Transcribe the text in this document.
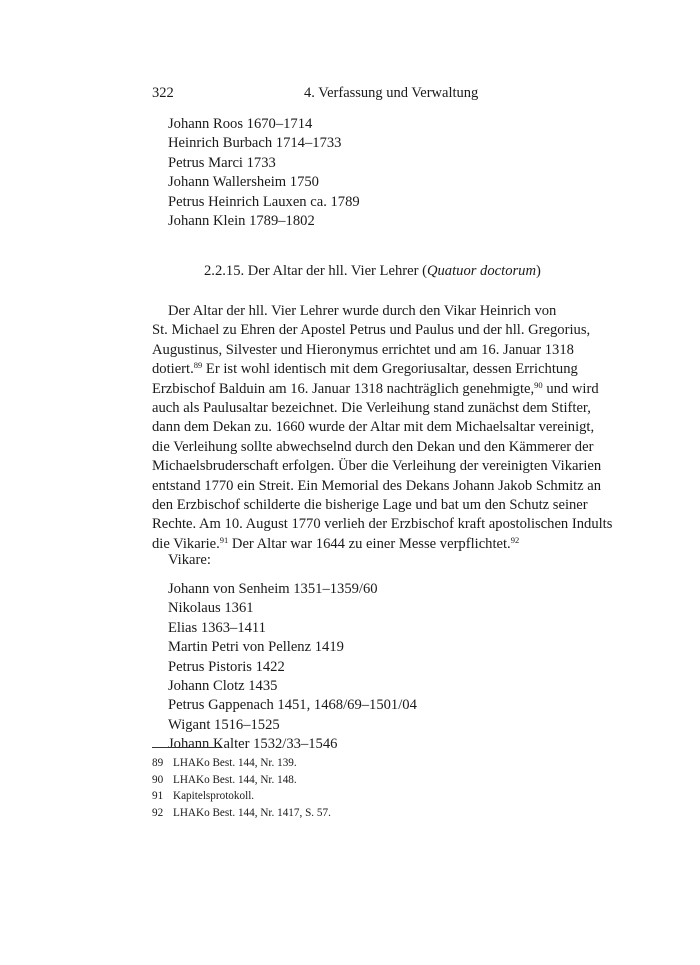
322	4. Verfassung und Verwaltung
Johann Roos 1670–1714
Heinrich Burbach 1714–1733
Petrus Marci 1733
Johann Wallersheim 1750
Petrus Heinrich Lauxen ca. 1789
Johann Klein 1789–1802
2.2.15. Der Altar der hll. Vier Lehrer (Quatuor doctorum)
Der Altar der hll. Vier Lehrer wurde durch den Vikar Heinrich von
St. Michael zu Ehren der Apostel Petrus und Paulus und der hll. Gregorius,
Augustinus, Silvester und Hieronymus errichtet und am 16. Januar 1318
dotiert.$^{89}$ Er ist wohl identisch mit dem Gregoriusaltar, dessen Errichtung
Erzbischof Balduin am 16. Januar 1318 nachträglich genehmigte,$^{90}$ und wird
auch als Paulusaltar bezeichnet. Die Verleihung stand zunächst dem Stifter,
dann dem Dekan zu. 1660 wurde der Altar mit dem Michaelsaltar vereinigt,
die Verleihung sollte abwechselnd durch den Dekan und den Kämmerer der
Michaelsbruderschaft erfolgen. Über die Verleihung der vereinigten Vikarien
entstand 1770 ein Streit. Ein Memorial des Dekans Johann Jakob Schmitz an
den Erzbischof schilderte die bisherige Lage und bat um den Schutz seiner
Rechte. Am 10. August 1770 verlieh der Erzbischof kraft apostolischen Indults
die Vikarie.$^{91}$ Der Altar war 1644 zu einer Messe verpflichtet.$^{92}$
Vikare:
Johann von Senheim 1351–1359/60
Nikolaus 1361
Elias 1363–1411
Martin Petri von Pellenz 1419
Petrus Pistoris 1422
Johann Clotz 1435
Petrus Gappenach 1451, 1468/69–1501/04
Wigant 1516–1525
Johann Kalter 1532/33–1546
89 LHAKo Best. 144, Nr. 139.
90 LHAKo Best. 144, Nr. 148.
91 Kapitelsprotokoll.
92 LHAKo Best. 144, Nr. 1417, S. 57.
